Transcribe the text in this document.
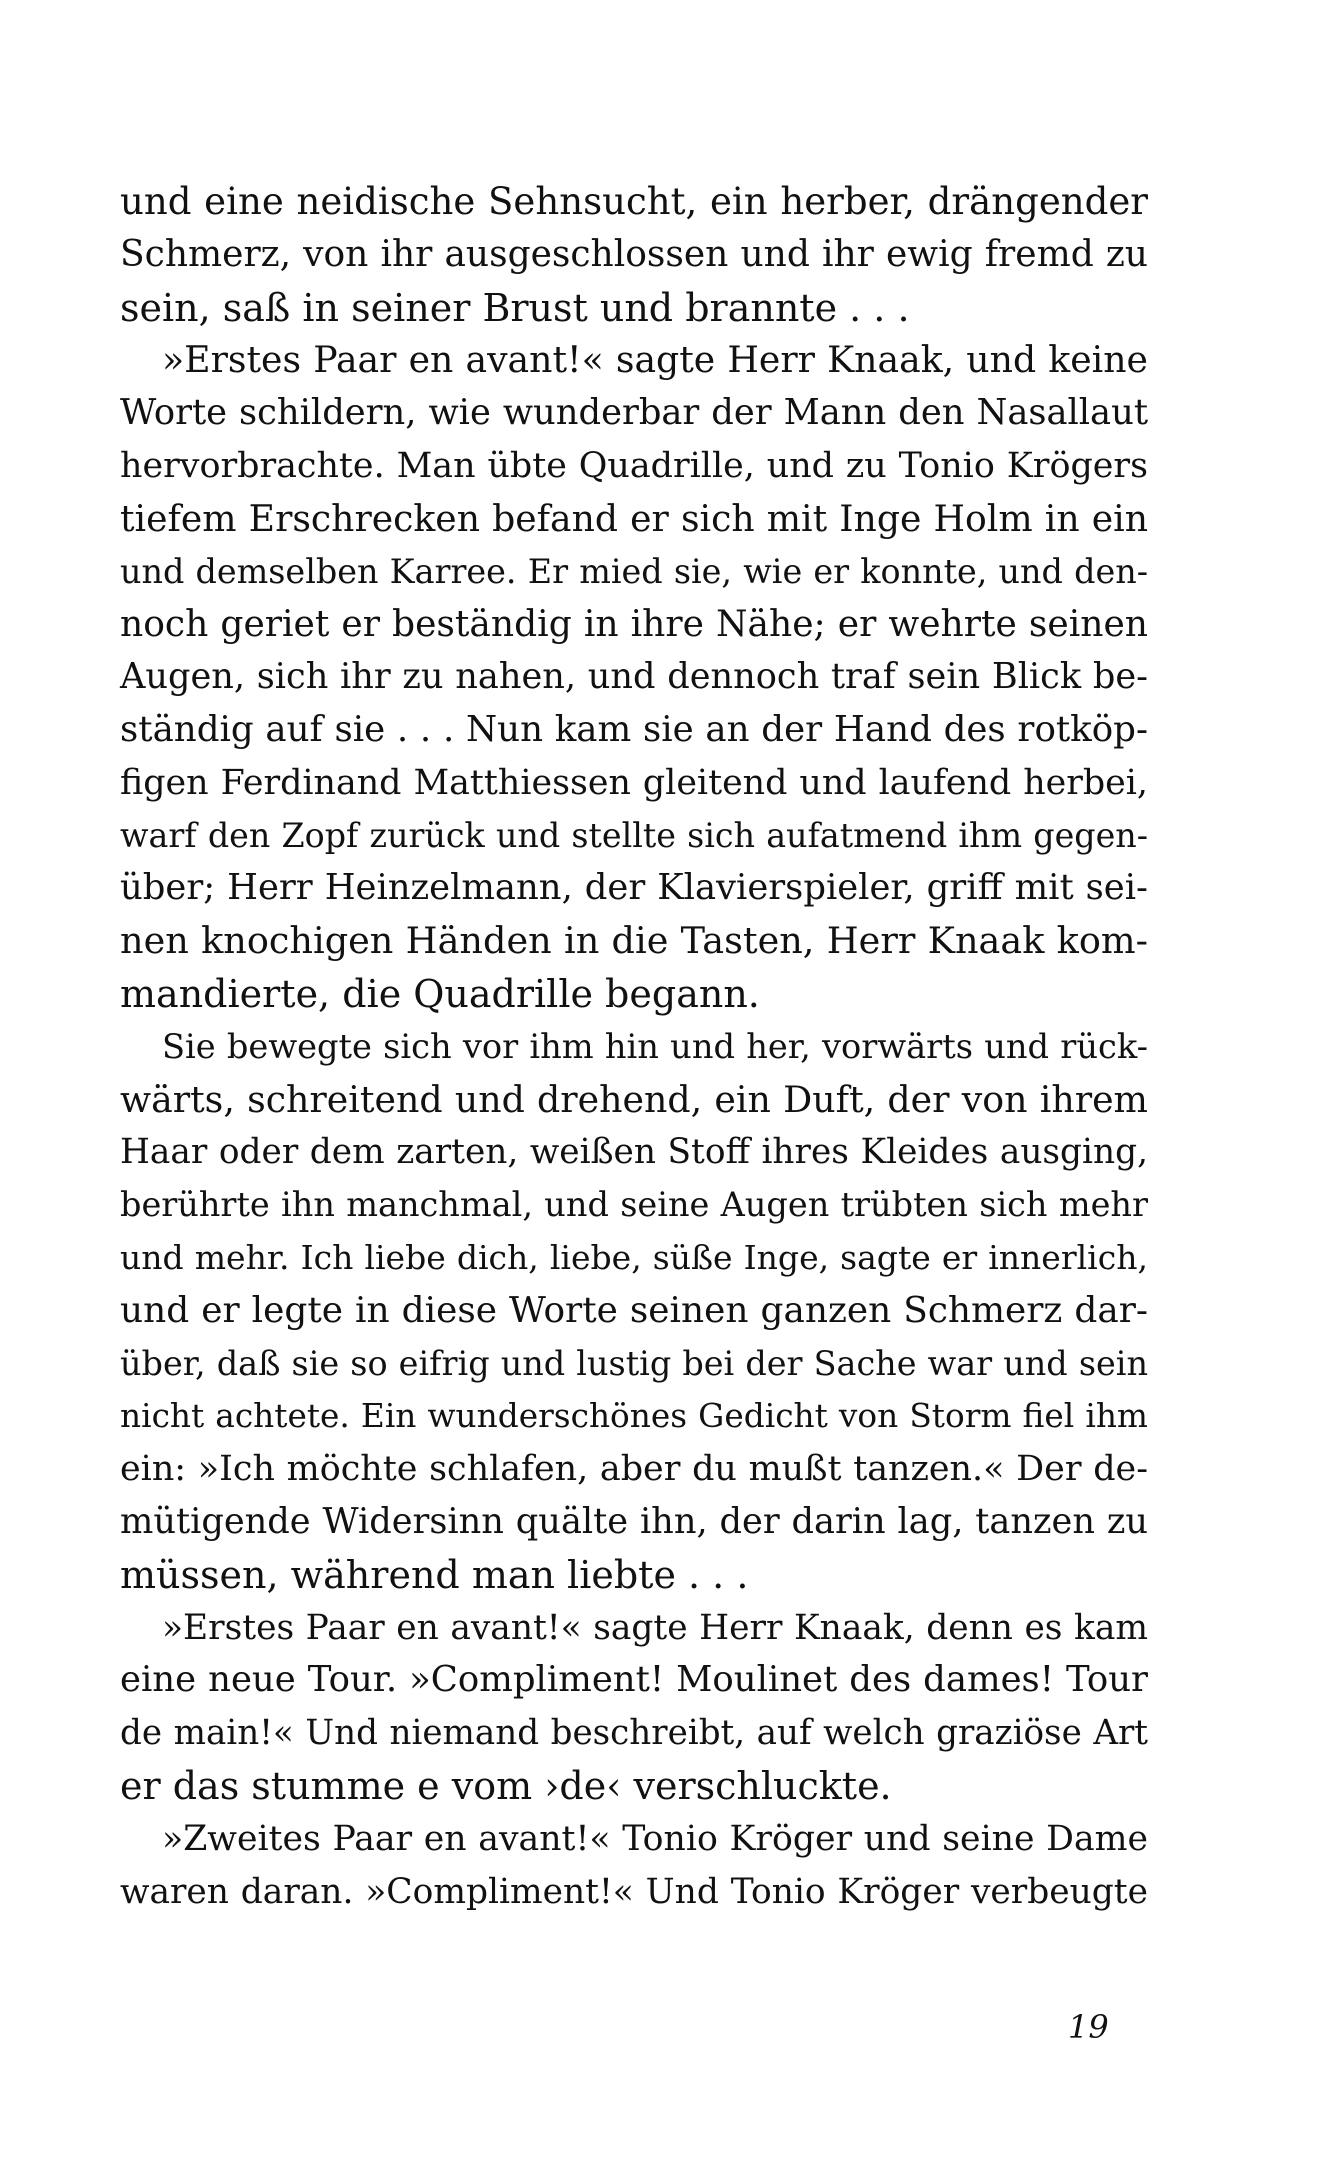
und eine neidische Sehnsucht, ein herber, drängender
Schmerz, von ihr ausgeschlossen und ihr ewig fremd zu
sein, saß in seiner Brust und brannte . . .
»Erstes Paar en avant!« sagte Herr Knaak, und keine
Worte schildern, wie wunderbar der Mann den Nasallaut
hervorbrachte. Man übte Quadrille, und zu Tonio Krögers
tiefem Erschrecken befand er sich mit Inge Holm in ein
und demselben Karree. Er mied sie, wie er konnte, und den-
noch geriet er beständig in ihre Nähe; er wehrte seinen
Augen, sich ihr zu nahen, und dennoch traf sein Blick be-
ständig auf sie . . . Nun kam sie an der Hand des rotköp-
figen Ferdinand Matthiessen gleitend und laufend herbei,
warf den Zopf zurück und stellte sich aufatmend ihm gegen-
über; Herr Heinzelmann, der Klavierspieler, griff mit sei-
nen knochigen Händen in die Tasten, Herr Knaak kom-
mandierte, die Quadrille begann.
Sie bewegte sich vor ihm hin und her, vorwärts und rück-
wärts, schreitend und drehend, ein Duft, der von ihrem
Haar oder dem zarten, weißen Stoff ihres Kleides ausging,
berührte ihn manchmal, und seine Augen trübten sich mehr
und mehr. Ich liebe dich, liebe, süße Inge, sagte er innerlich,
und er legte in diese Worte seinen ganzen Schmerz dar-
über, daß sie so eifrig und lustig bei der Sache war und sein
nicht achtete. Ein wunderschönes Gedicht von Storm fiel ihm
ein: »Ich möchte schlafen, aber du mußt tanzen.« Der de-
mütigende Widersinn quälte ihn, der darin lag, tanzen zu
müssen, während man liebte . . .
»Erstes Paar en avant!« sagte Herr Knaak, denn es kam
eine neue Tour. »Compliment! Moulinet des dames! Tour
de main!« Und niemand beschreibt, auf welch graziöse Art
er das stumme e vom ›de‹ verschluckte.
»Zweites Paar en avant!« Tonio Kröger und seine Dame
waren daran. »Compliment!« Und Tonio Kröger verbeugte
19
